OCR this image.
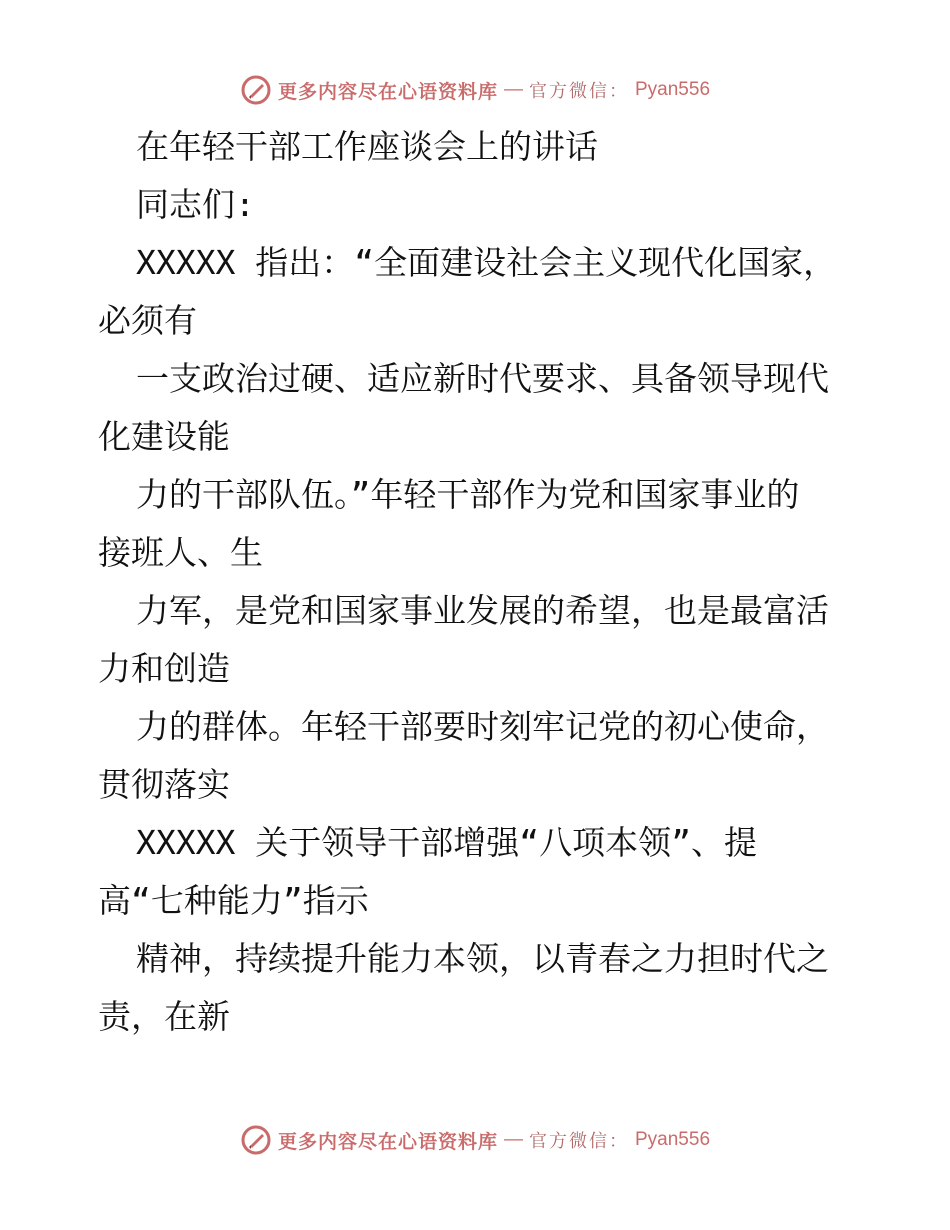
更多内容尽在心语资料库 — 官方微信： Pyan556
在年轻干部工作座谈会上的讲话
同志们:
XXXXX 指出：“全面建设社会主义现代化国家，
必须有
一支政治过硬、适应新时代要求、具备领导现代
化建设能
力的干部队伍。”年轻干部作为党和国家事业的
接班人、生
力军，是党和国家事业发展的希望，也是最富活
力和创造
力的群体。年轻干部要时刻牢记党的初心使命，
贯彻落实
XXXXX 关于领导干部增强“八项本领”、提
高“七种能力”指示
精神，持续提升能力本领，以青春之力担时代之
责，在新
更多内容尽在心语资料库 — 官方微信： Pyan556
